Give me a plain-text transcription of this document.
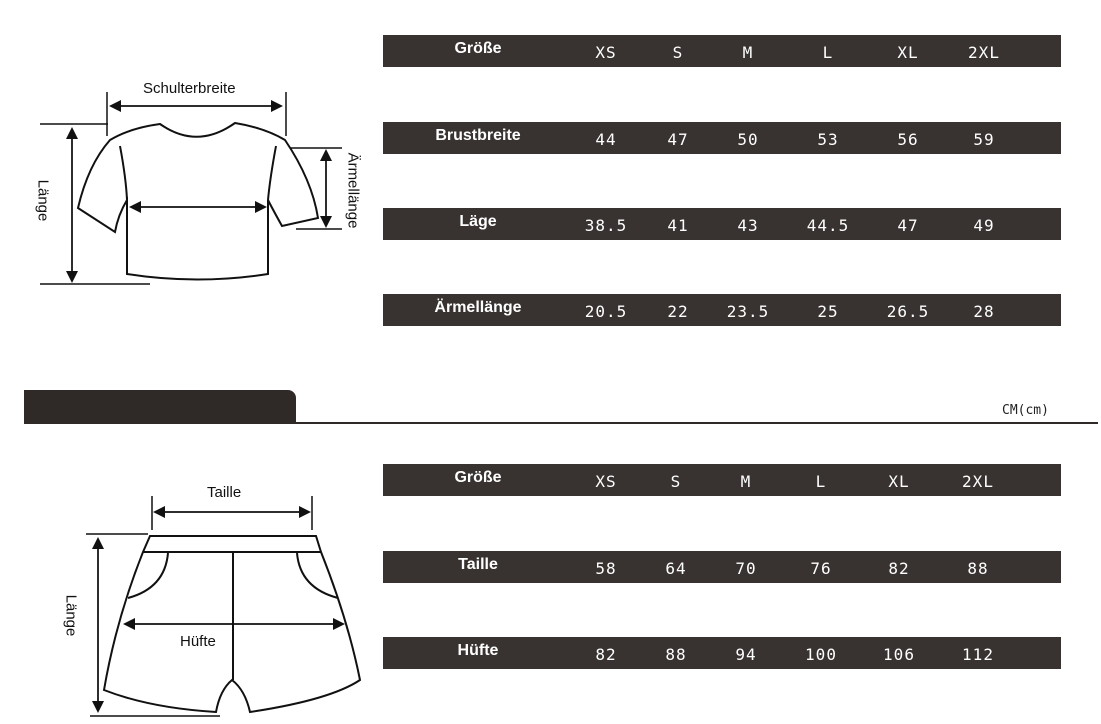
Schulterbreite
Länge	Ärmellänge
Taille
Hüfte
Länge
Größe	XS	S	M	L	XL	2XL
Brustbreite	44	47	50	53	56	59
Läge	38.5	41	43	44.5	47	49
Ärmellänge	20.5	22	23.5	25	26.5	28
CM(cm)
Größe	XS	S	M	L	XL	2XL
Taille	58	64	70	76	82	88
Hüfte	82	88	94	100	106	112
